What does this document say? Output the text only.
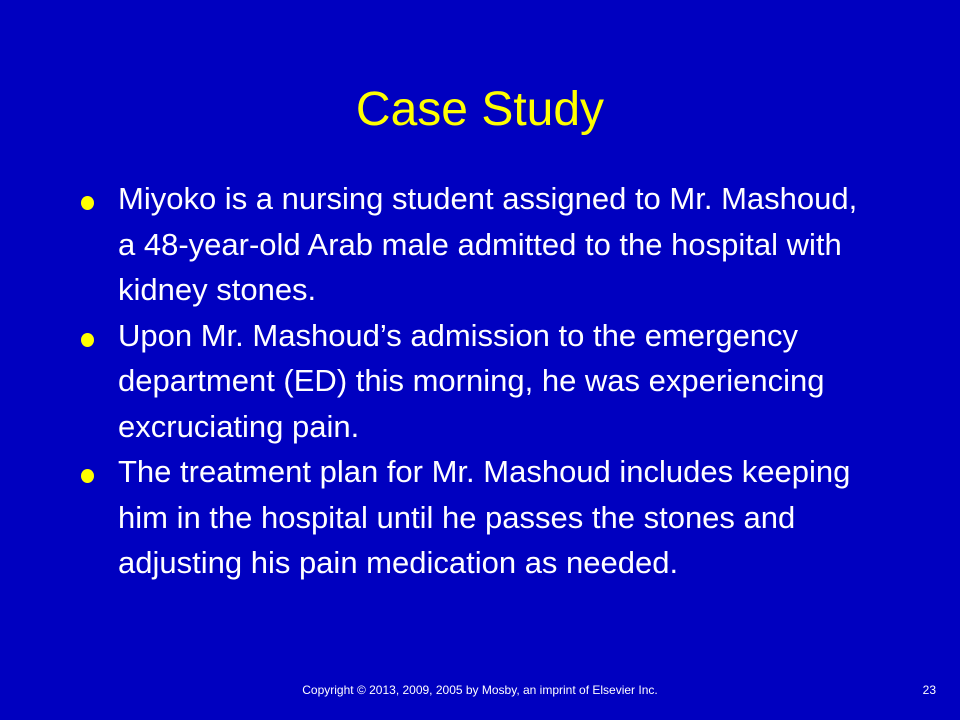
Case Study
Miyoko is a nursing student assigned to Mr. Mashoud, a 48-year-old Arab male admitted to the hospital with kidney stones.
Upon Mr. Mashoud’s admission to the emergency department (ED) this morning, he was experiencing excruciating pain.
The treatment plan for Mr. Mashoud includes keeping him in the hospital until he passes the stones and adjusting his pain medication as needed.
Copyright © 2013, 2009, 2005 by Mosby, an imprint of Elsevier Inc.	23
